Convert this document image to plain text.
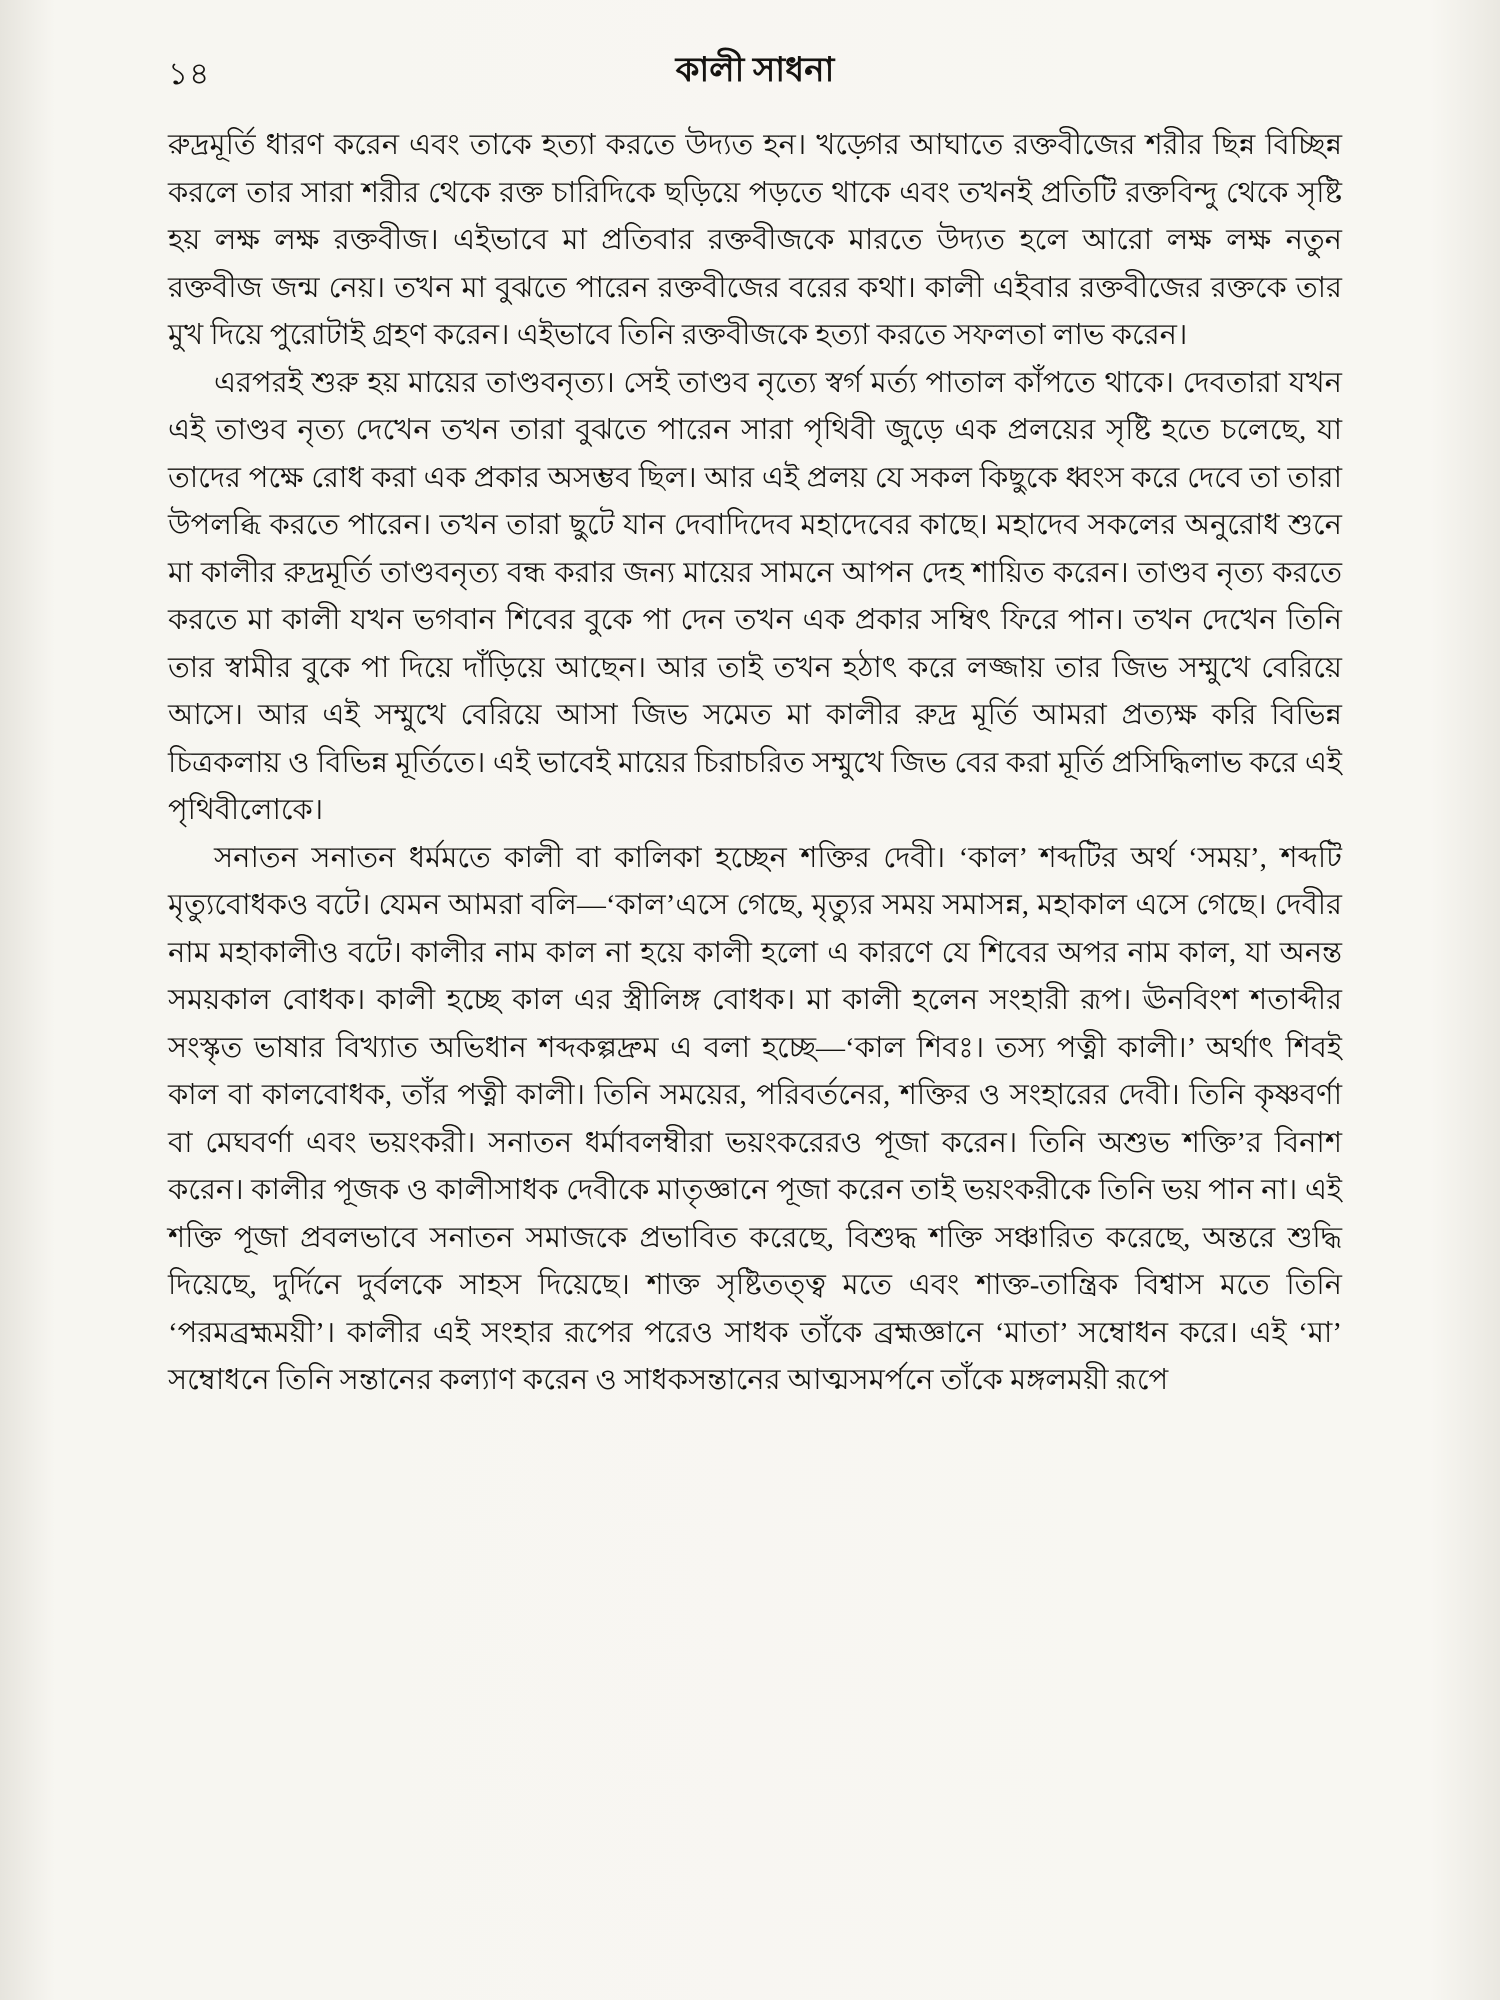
১৪	কালী সাধনা

রুদ্রমূর্তি ধারণ করেন এবং তাকে হত্যা করতে উদ্যত হন। খড়্গের আঘাতে রক্তবীজের শরীর ছিন্ন বিচ্ছিন্ন করলে তার সারা শরীর থেকে রক্ত চারিদিকে ছড়িয়ে পড়তে থাকে এবং তখনই প্রতিটি রক্তবিন্দু থেকে সৃষ্টি হয় লক্ষ লক্ষ রক্তবীজ। এইভাবে মা প্রতিবার রক্তবীজকে মারতে উদ্যত হলে আরো লক্ষ লক্ষ নতুন রক্তবীজ জন্ম নেয়। তখন মা বুঝতে পারেন রক্তবীজের বরের কথা। কালী এইবার রক্তবীজের রক্তকে তার মুখ দিয়ে পুরোটাই গ্রহণ করেন। এইভাবে তিনি রক্তবীজকে হত্যা করতে সফলতা লাভ করেন।

এরপরই শুরু হয় মায়ের তাণ্ডবনৃত্য। সেই তাণ্ডব নৃত্যে স্বর্গ মর্ত্য পাতাল কাঁপতে থাকে। দেবতারা যখন এই তাণ্ডব নৃত্য দেখেন তখন তারা বুঝতে পারেন সারা পৃথিবী জুড়ে এক প্রলয়ের সৃষ্টি হতে চলেছে, যা তাদের পক্ষে রোধ করা এক প্রকার অসম্ভব ছিল। আর এই প্রলয় যে সকল কিছুকে ধ্বংস করে দেবে তা তারা উপলব্ধি করতে পারেন। তখন তারা ছুটে যান দেবাদিদেব মহাদেবের কাছে। মহাদেব সকলের অনুরোধ শুনে মা কালীর রুদ্রমূর্তি তাণ্ডবনৃত্য বন্ধ করার জন্য মায়ের সামনে আপন দেহ শায়িত করেন। তাণ্ডব নৃত্য করতে করতে মা কালী যখন ভগবান শিবের বুকে পা দেন তখন এক প্রকার সম্বিৎ ফিরে পান। তখন দেখেন তিনি তার স্বামীর বুকে পা দিয়ে দাঁড়িয়ে আছেন। আর তাই তখন হঠাৎ করে লজ্জায় তার জিভ সম্মুখে বেরিয়ে আসে। আর এই সম্মুখে বেরিয়ে আসা জিভ সমেত মা কালীর রুদ্র মূর্তি আমরা প্রত্যক্ষ করি বিভিন্ন চিত্রকলায় ও বিভিন্ন মূর্তিতে। এই ভাবেই মায়ের চিরাচরিত সম্মুখে জিভ বের করা মূর্তি প্রসিদ্ধিলাভ করে এই পৃথিবীলোকে।

সনাতন সনাতন ধর্মমতে কালী বা কালিকা হচ্ছেন শক্তির দেবী। ‘কাল’ শব্দটির অর্থ ‘সময়’, শব্দটি মৃত্যুবোধকও বটে। যেমন আমরা বলি—‘কাল’এসে গেছে, মৃত্যুর সময় সমাসন্ন, মহাকাল এসে গেছে। দেবীর নাম মহাকালীও বটে। কালীর নাম কাল না হয়ে কালী হলো এ কারণে যে শিবের অপর নাম কাল, যা অনন্ত সময়কাল বোধক। কালী হচ্ছে কাল এর স্ত্রীলিঙ্গ বোধক। মা কালী হলেন সংহারী রূপ। ঊনবিংশ শতাব্দীর সংস্কৃত ভাষার বিখ্যাত অভিধান শব্দকল্পদ্রুম এ বলা হচ্ছে—‘কাল শিবঃ। তস্য পত্নী কালী।’ অর্থাৎ শিবই কাল বা কালবোধক, তাঁর পত্নী কালী। তিনি সময়ের, পরিবর্তনের, শক্তির ও সংহারের দেবী। তিনি কৃষ্ণবর্ণা বা মেঘবর্ণা এবং ভয়ংকরী। সনাতন ধর্মাবলম্বীরা ভয়ংকরেরও পূজা করেন। তিনি অশুভ শক্তি’র বিনাশ করেন। কালীর পূজক ও কালীসাধক দেবীকে মাতৃজ্ঞানে পূজা করেন তাই ভয়ংকরীকে তিনি ভয় পান না। এই শক্তি পূজা প্রবলভাবে সনাতন সমাজকে প্রভাবিত করেছে, বিশুদ্ধ শক্তি সঞ্চারিত করেছে, অন্তরে শুদ্ধি দিয়েছে, দুর্দিনে দুর্বলকে সাহস দিয়েছে। শাক্ত সৃষ্টিতত্ত্ব মতে এবং শাক্ত-তান্ত্রিক বিশ্বাস মতে তিনি ‘পরমব্রহ্মময়ী’। কালীর এই সংহার রূপের পরেও সাধক তাঁকে ব্রহ্মজ্ঞানে ‘মাতা’ সম্বোধন করে। এই ‘মা’ সম্বোধনে তিনি সন্তানের কল্যাণ করেন ও সাধকসন্তানের আত্মসমর্পনে তাঁকে মঙ্গলময়ী রূপে
